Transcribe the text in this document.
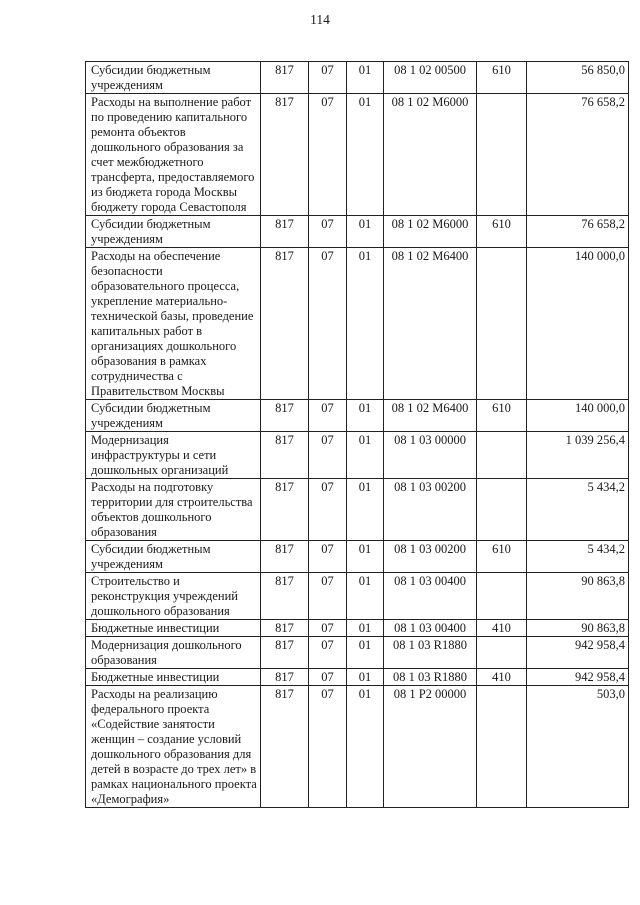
114
Субсидии бюджетным учреждениям	817	07	01	08 1 02 00500	610	56 850,0
Расходы на выполнение работ по проведению капитального ремонта объектов дошкольного образования за счет межбюджетного трансферта, предоставляемого из бюджета города Москвы бюджету города Севастополя	817	07	01	08 1 02 М6000		76 658,2
Субсидии бюджетным учреждениям	817	07	01	08 1 02 М6000	610	76 658,2
Расходы на обеспечение безопасности образовательного процесса, укрепление материально-технической базы, проведение капитальных работ в организациях дошкольного образования в рамках сотрудничества с Правительством Москвы	817	07	01	08 1 02 М6400		140 000,0
Субсидии бюджетным учреждениям	817	07	01	08 1 02 М6400	610	140 000,0
Модернизация инфраструктуры и сети дошкольных организаций	817	07	01	08 1 03 00000		1 039 256,4
Расходы на подготовку территории для строительства объектов дошкольного образования	817	07	01	08 1 03 00200		5 434,2
Субсидии бюджетным учреждениям	817	07	01	08 1 03 00200	610	5 434,2
Строительство и реконструкция учреждений дошкольного образования	817	07	01	08 1 03 00400		90 863,8
Бюджетные инвестиции	817	07	01	08 1 03 00400	410	90 863,8
Модернизация дошкольного образования	817	07	01	08 1 03 R1880		942 958,4
Бюджетные инвестиции	817	07	01	08 1 03 R1880	410	942 958,4
Расходы на реализацию федерального проекта «Содействие занятости женщин – создание условий дошкольного образования для детей в возрасте до трех лет» в рамках национального проекта «Демография»	817	07	01	08 1 Р2 00000		503,0
